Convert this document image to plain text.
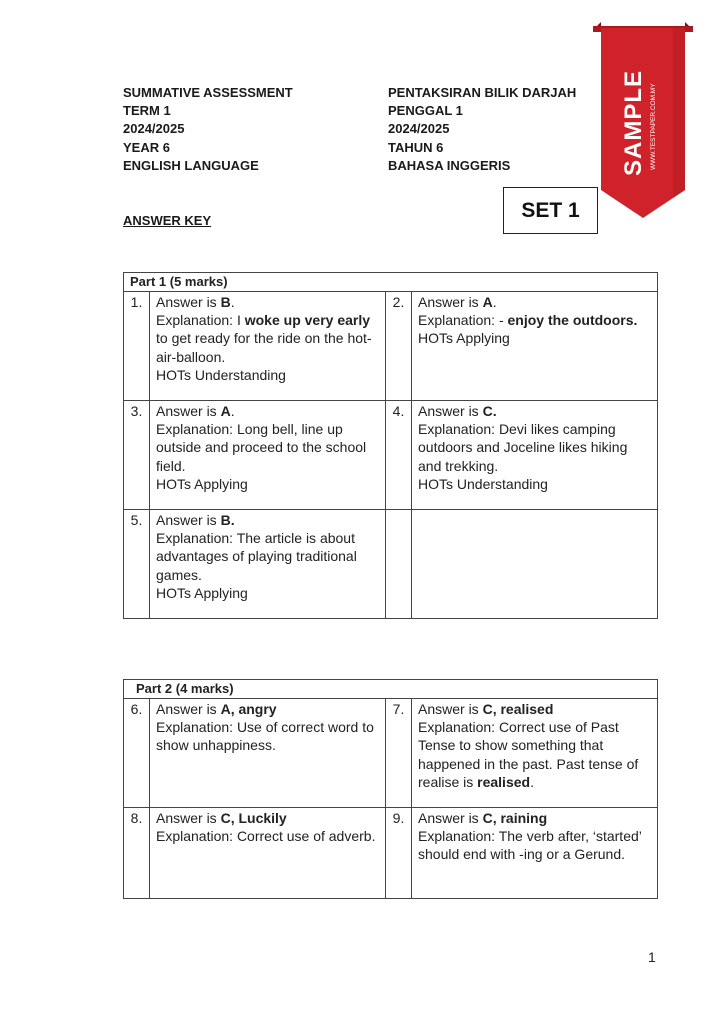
SUMMATIVE ASSESSMENT
TERM 1
2024/2025
YEAR 6
ENGLISH LANGUAGE
PENTAKSIRAN BILIK DARJAH
PENGGAL 1
2024/2025
TAHUN 6
BAHASA INGGERIS
ANSWER KEY	SET 1
SAMPLE WWW.TESTPAPER.COM.MY
Part 1 (5 marks)			
1.	Answer is B.
Explanation: I woke up very early to get ready for the ride on the hot-air-balloon.
HOTs Understanding	2.	Answer is A.
Explanation: - enjoy the outdoors.
HOTs Applying
3.	Answer is A.
Explanation: Long bell, line up outside and proceed to the school field.
HOTs Applying	4.	Answer is C.
Explanation: Devi likes camping outdoors and Joceline likes hiking and trekking.
HOTs Understanding
5.	Answer is B.
Explanation: The article is about advantages of playing traditional games.
HOTs Applying		
Part 2 (4 marks)			
6.	Answer is A, angry
Explanation: Use of correct word to show unhappiness.	7.	Answer is C, realised
Explanation: Correct use of Past Tense to show something that happened in the past. Past tense of realise is realised.
8.	Answer is C, Luckily
Explanation: Correct use of adverb.	9.	Answer is C, raining
Explanation: The verb after, ‘started’ should end with -ing or a Gerund.
1
